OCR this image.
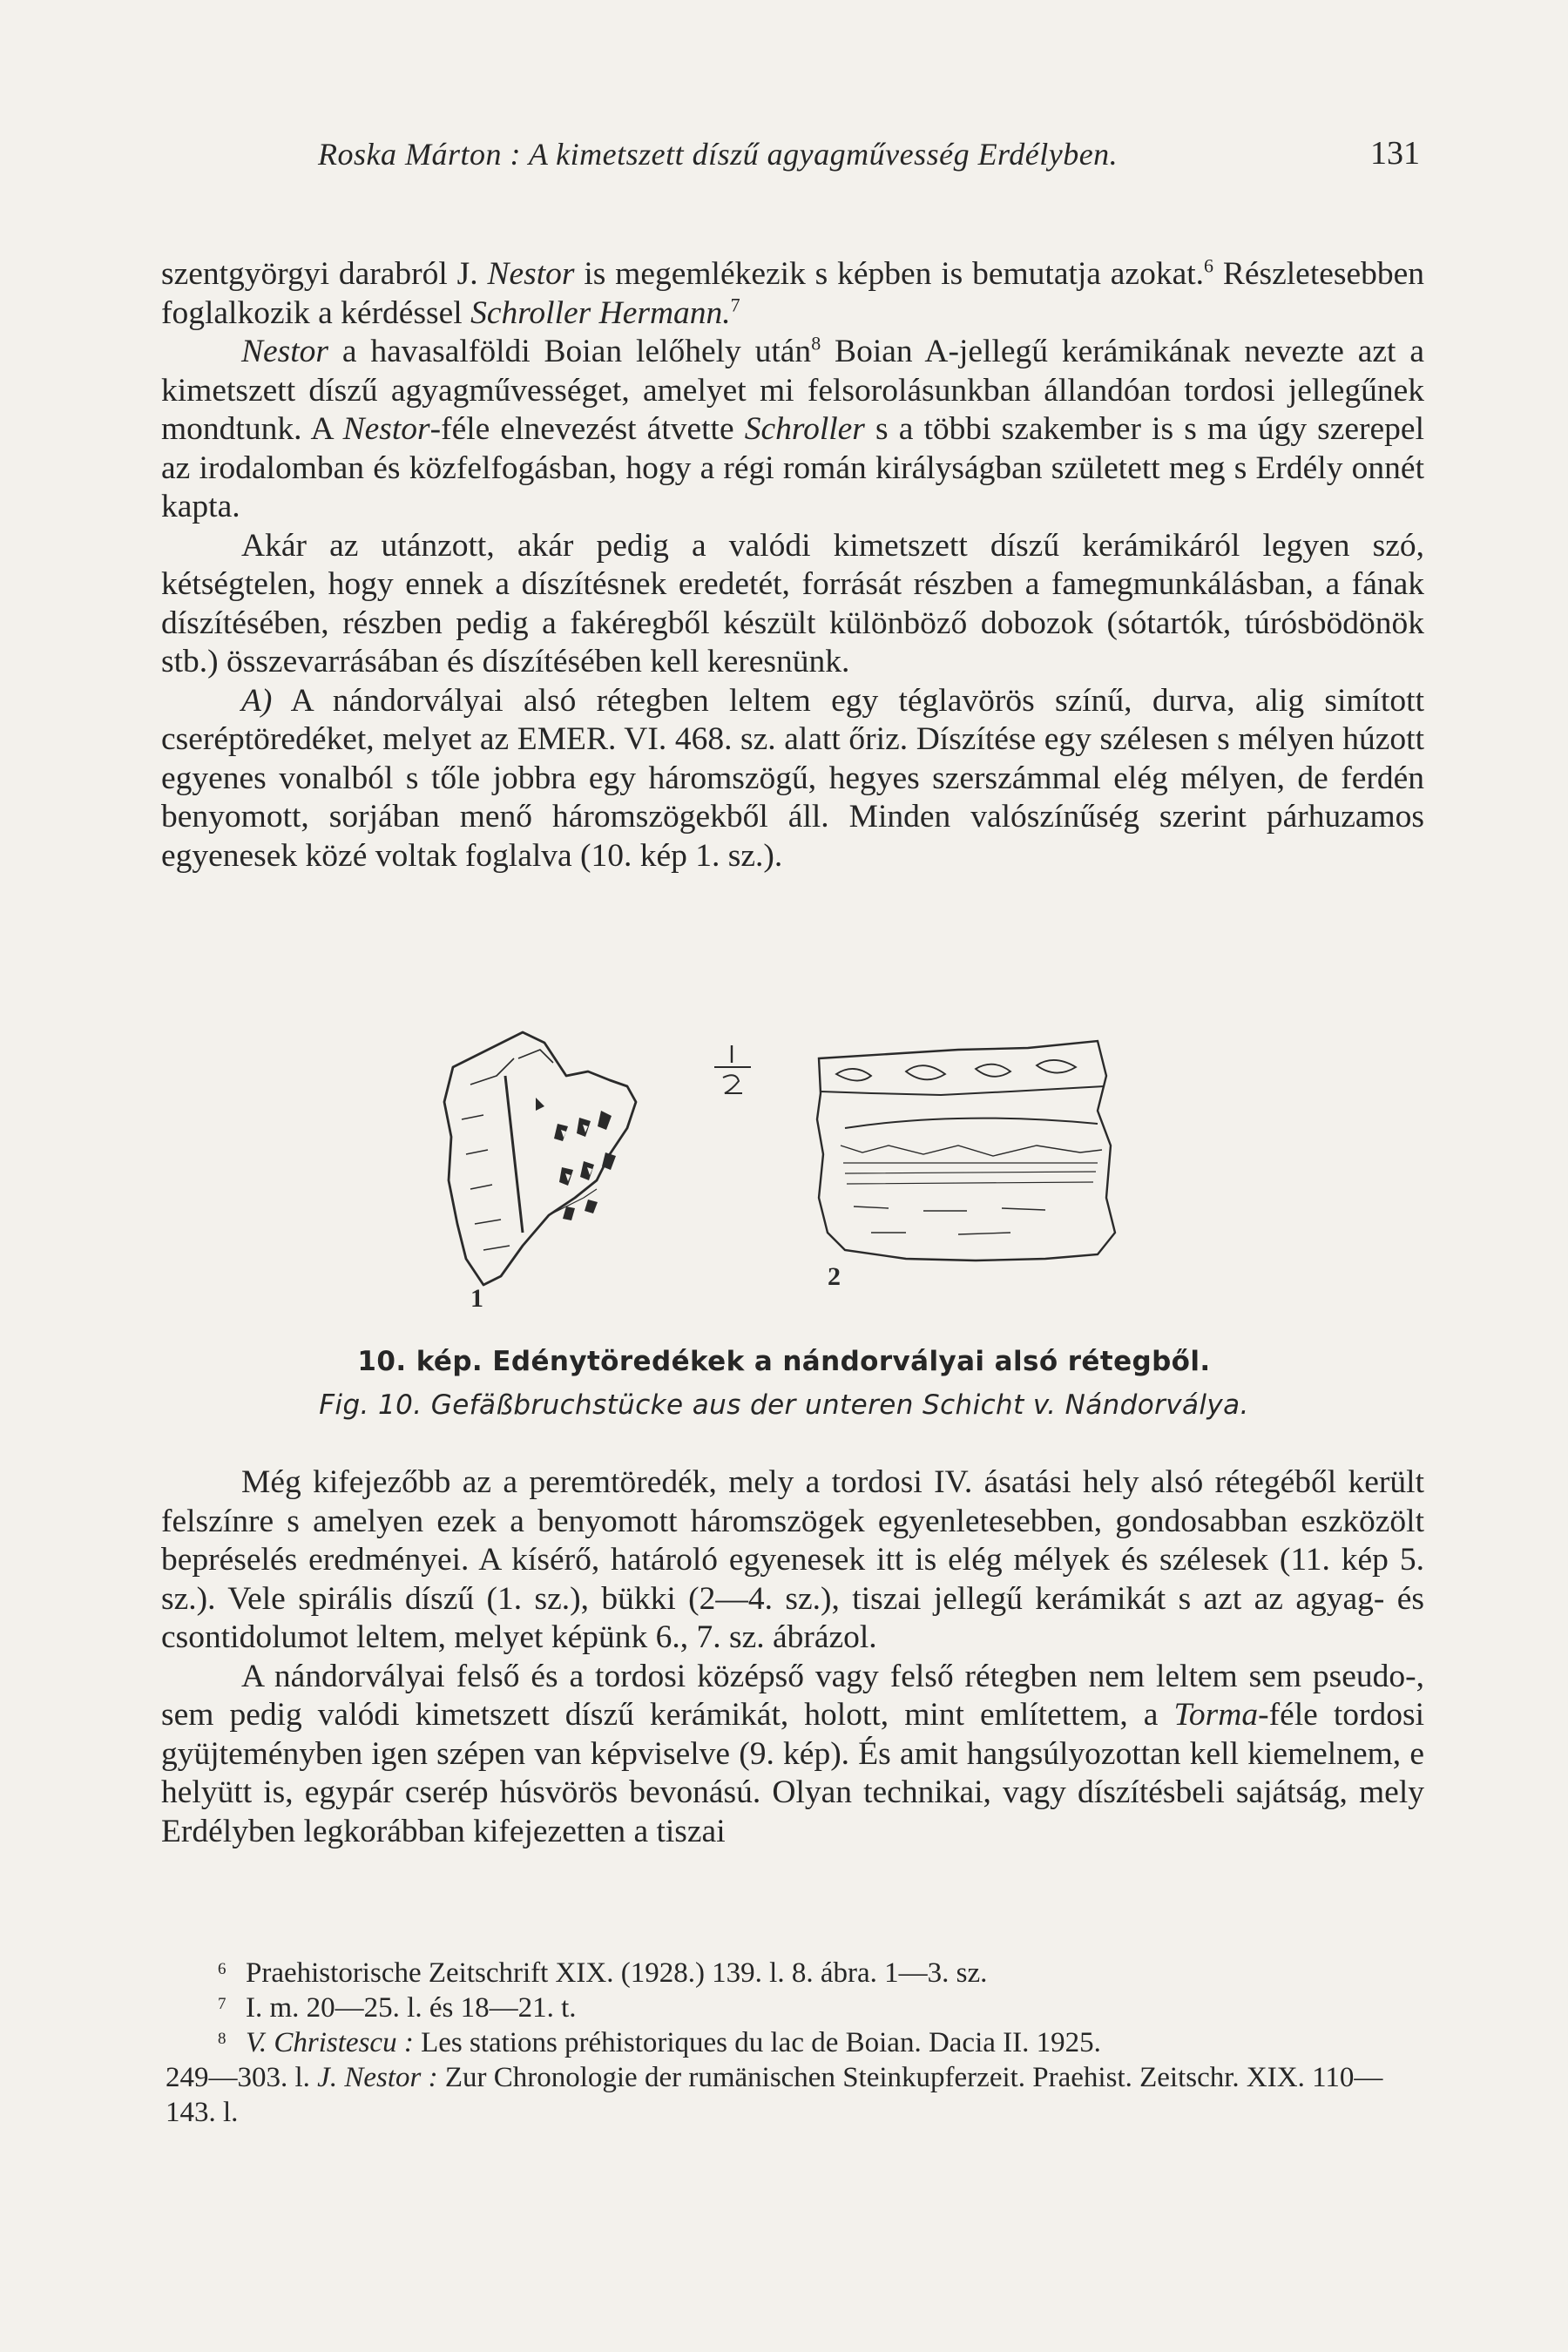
Roska Márton : A kimetszett díszű agyagművesség Erdélyben.	131

szentgyörgyi darabról J. Nestor is megemlékezik s képben is bemutatja azokat.$^6$ Részletesebben foglalkozik a kérdéssel Schroller Hermann.$^7$

Nestor a havasalföldi Boian lelőhely után$^8$ Boian A-jellegű kerámikának nevezte azt a kimetszett díszű agyagművességet, amelyet mi felsorolásunkban állandóan tordosi jellegűnek mondtunk. A Nestor-féle elnevezést átvette Schroller s a többi szakember is s ma úgy szerepel az irodalomban és közfelfogásban, hogy a régi román királyságban született meg s Erdély onnét kapta.

Akár az utánzott, akár pedig a valódi kimetszett díszű kerámikáról legyen szó, kétségtelen, hogy ennek a díszítésnek eredetét, forrását részben a famegmunkálásban, a fának díszítésében, részben pedig a fakéregből készült különböző dobozok (sótartók, túrósbödönök stb.) összevarrásában és díszítésében kell keresnünk.

A) A nándorvályai alsó rétegben leltem egy téglavörös színű, durva, alig simított cseréptöredéket, melyet az EMER. VI. 468. sz. alatt őriz. Díszítése egy szélesen s mélyen húzott egyenes vonalból s tőle jobbra egy háromszögű, hegyes szerszámmal elég mélyen, de ferdén benyomott, sorjában menő háromszögekből áll. Minden valószínűség szerint párhuzamos egyenesek közé voltak foglalva (10. kép 1. sz.).

1
2
1
2
10. kép. Edénytöredékek a nándorvályai alsó rétegből.
Fig. 10. Gefäßbruchstücke aus der unteren Schicht v. Nándorvályа.

Még kifejezőbb az a peremtöredék, mely a tordosi IV. ásatási hely alsó rétegéből került felszínre s amelyen ezek a benyomott háromszögek egyenletesebben, gondosabban eszközölt bepréselés eredményei. A kísérő, határoló egyenesek itt is elég mélyek és szélesek (11. kép 5. sz.). Vele spirális díszű (1. sz.), bükki (2—4. sz.), tiszai jellegű kerámikát s azt az agyag- és csontidolumot leltem, melyet képünk 6., 7. sz. ábrázol.

A nándorvályai felső és a tordosi középső vagy felső rétegben nem leltem sem pseudo-, sem pedig valódi kimetszett díszű kerámikát, holott, mint említettem, a Torma-féle tordosi gyüjteményben igen szépen van képviselve (9. kép). És amit hangsúlyozottan kell kiemelnem, e helyütt is, egypár cserép húsvörös bevonású. Olyan technikai, vagy díszítésbeli sajátság, mely Erdélyben legkorábban kifejezetten a tiszai

6 Praehistorische Zeitschrift XIX. (1928.) 139. l. 8. ábra. 1—3. sz.
7 I. m. 20—25. l. és 18—21. t.
8 V. Christescu : Les stations préhistoriques du lac de Boian. Dacia II. 1925.
249—303. l. J. Nestor : Zur Chronologie der rumänischen Steinkupferzeit. Praehist. Zeitschr. XIX. 110—143. l.
